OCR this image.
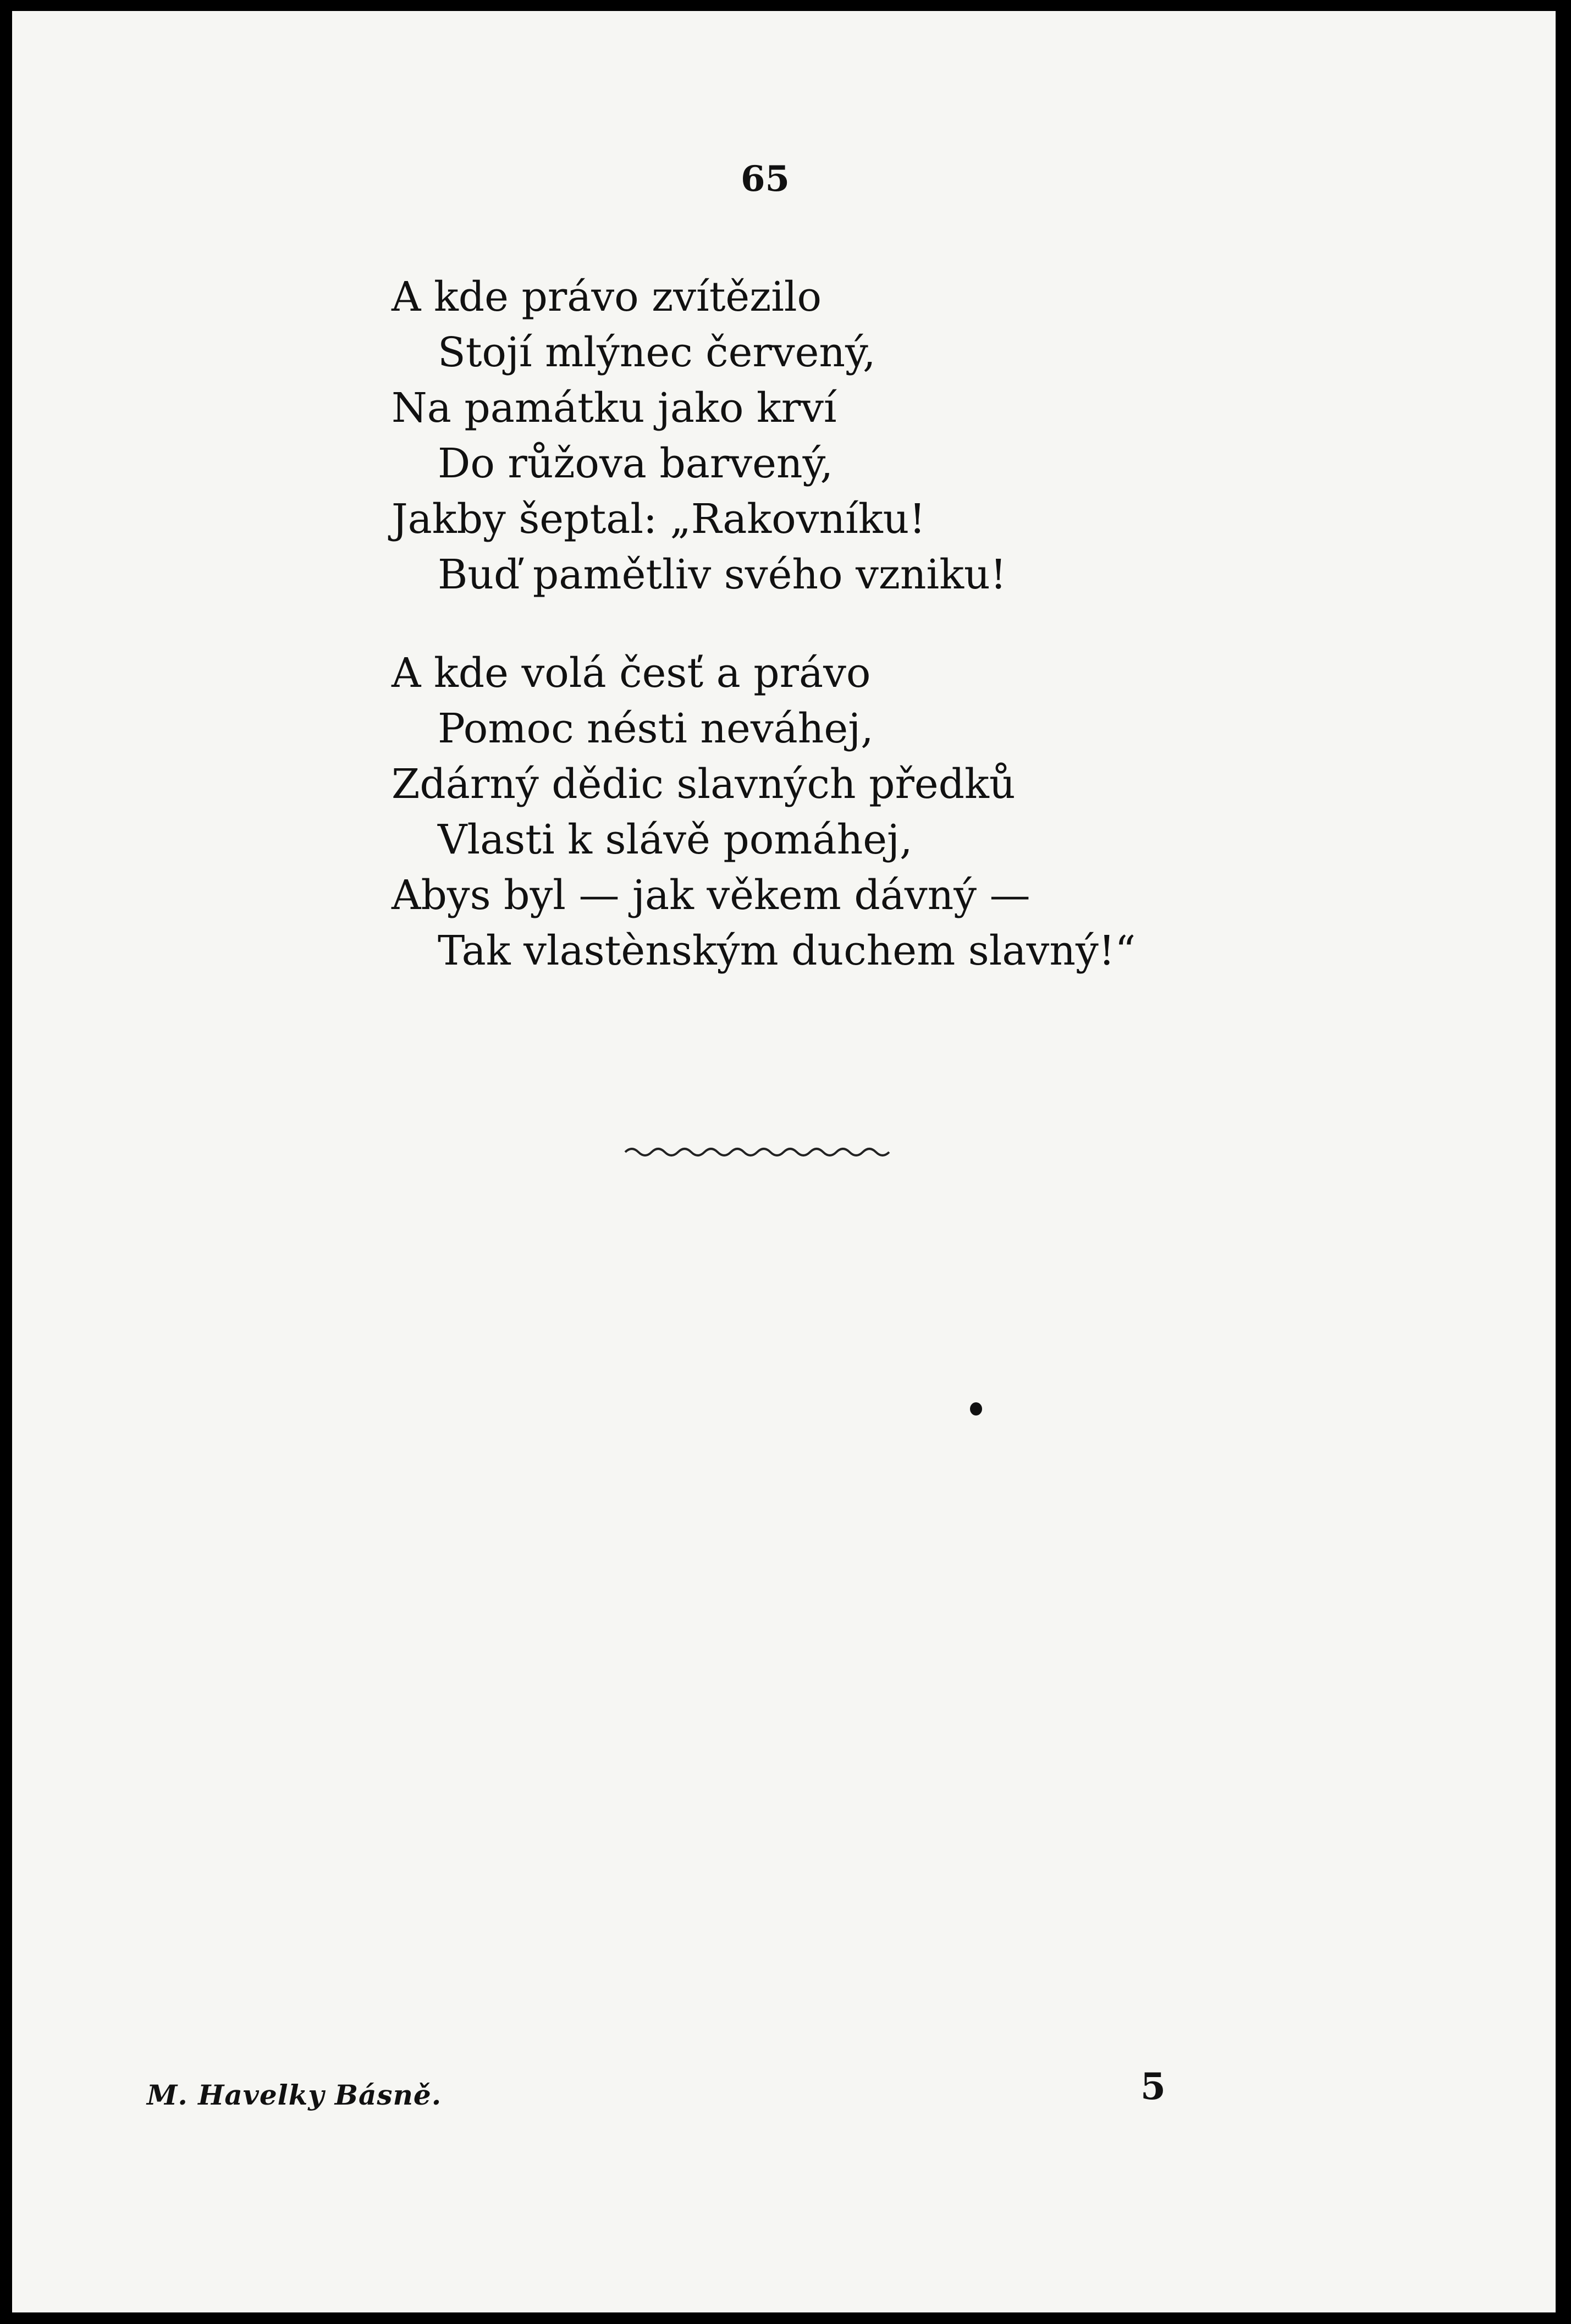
65
A kde právo zvítězilo
Stojí mlýnec červený,
Na památku jako krví
Do růžova barvený,
Jakby šeptal: „Rakovníku!
Buď pamětliv svého vzniku!
A kde volá česť a právo
Pomoc nésti neváhej,
Zdárný dědic slavných předků
Vlasti k slávě pomáhej,
Abys byl — jak věkem dávný —
Tak vlastènským duchem slavný!“
M. Havelky Básně.	5
